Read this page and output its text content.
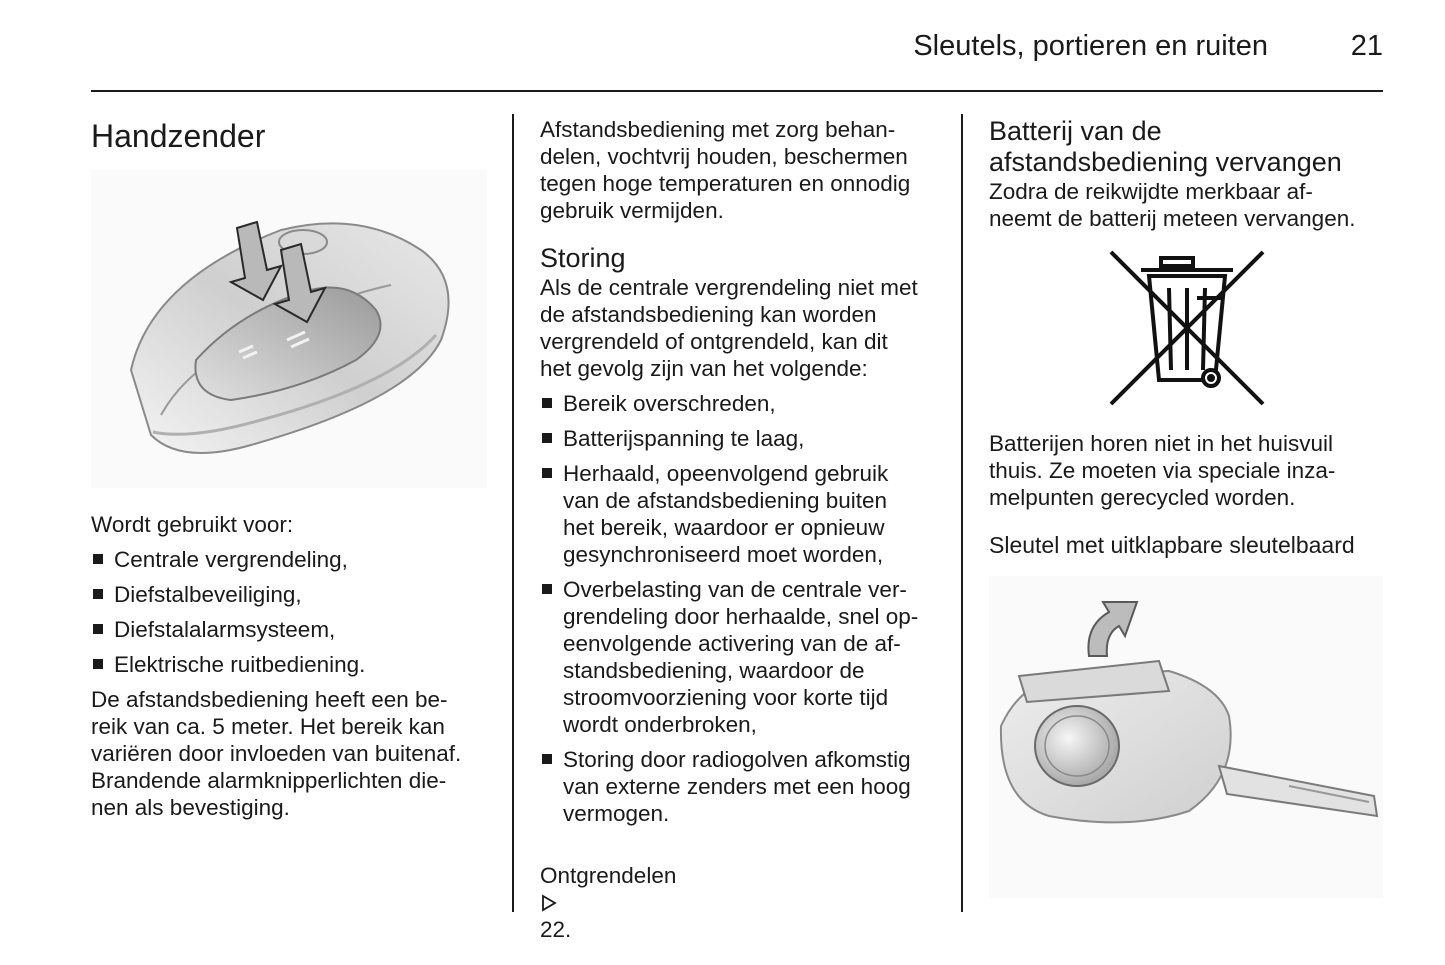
Sleutels, portieren en ruiten	21
Handzender

Wordt gebruikt voor:

Centrale vergrendeling,
Diefstalbeveiliging,
Diefstalalarmsysteem,
Elektrische ruitbediening.

De afstandsbediening heeft een be-
reik van ca. 5 meter. Het bereik kan
variëren door invloeden van buitenaf.
Brandende alarmknipperlichten die-
nen als bevestiging.

Afstandsbediening met zorg behan-
delen, vochtvrij houden, beschermen
tegen hoge temperaturen en onnodig
gebruik vermijden.

Storing

Als de centrale vergrendeling niet met
de afstandsbediening kan worden
vergrendeld of ontgrendeld, kan dit
het gevolg zijn van het volgende:

Bereik overschreden,
Batterijspanning te laag,
Herhaald, opeenvolgend gebruik
van de afstandsbediening buiten
het bereik, waardoor er opnieuw
gesynchroniseerd moet worden,
Overbelasting van de centrale ver-
grendeling door herhaalde, snel op-
eenvolgende activering van de af-
standsbediening, waardoor de
stroomvoorziening voor korte tijd
wordt onderbroken,
Storing door radiogolven afkomstig
van externe zenders met een hoog
vermogen.

Ontgrendelen

22.

Batterij van de
afstandsbediening vervangen

Zodra de reikwijdte merkbaar af-
neemt de batterij meteen vervangen.

Batterijen horen niet in het huisvuil
thuis. Ze moeten via speciale inza-
melpunten gerecycled worden.

Sleutel met uitklapbare sleutelbaard
